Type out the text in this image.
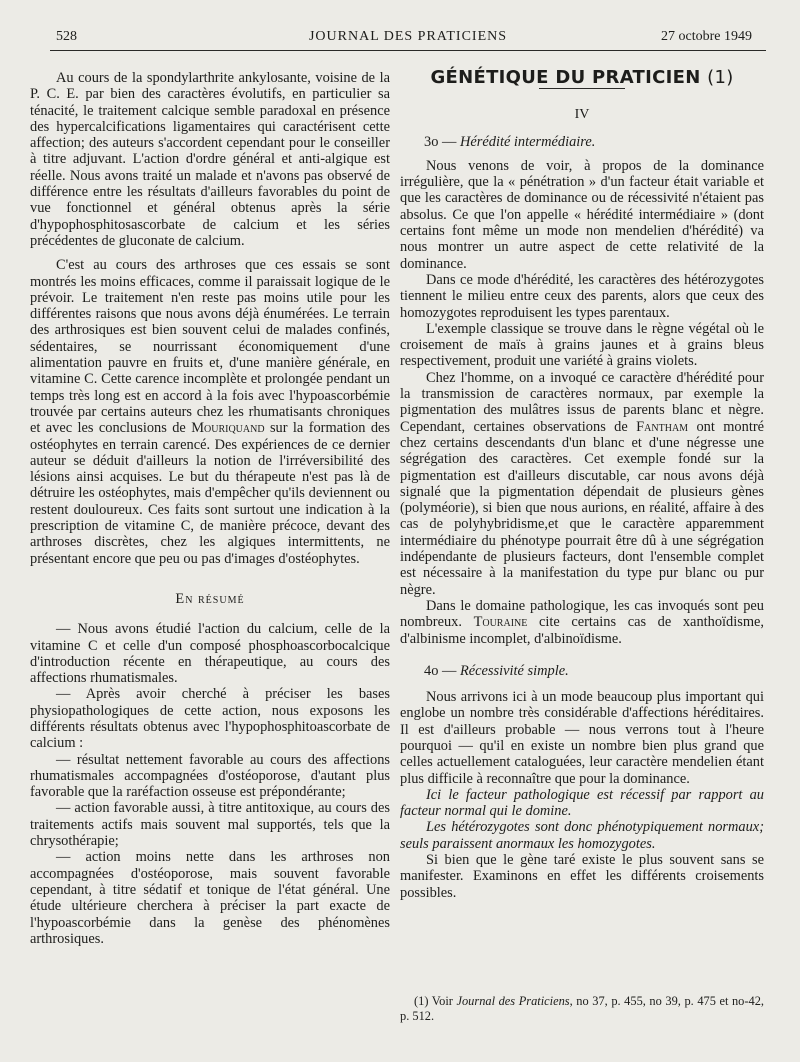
528	JOURNAL DES PRATICIENS	27 octobre 1949

Au cours de la spondylarthrite ankylosante, voisine de la P. C. E. par bien des caractères évolutifs, en particulier sa ténacité, le traitement calcique semble paradoxal en présence des hypercalcifications ligamentaires qui caractérisent cette affection; des auteurs s'accordent cependant pour le conseiller à titre adjuvant. L'action d'ordre général et anti-algique est réelle. Nous avons traité un malade et n'avons pas observé de différence entre les résultats d'ailleurs favorables du point de vue fonctionnel et général obtenus après la série d'hypophosphitosascorbate de calcium et les séries précédentes de gluconate de calcium.

C'est au cours des arthroses que ces essais se sont montrés les moins efficaces, comme il paraissait logique de le prévoir. Le traitement n'en reste pas moins utile pour les différentes raisons que nous avons déjà énumérées. Le terrain des arthrosiques est bien souvent celui de malades confinés, sédentaires, se nourrissant économiquement d'une alimentation pauvre en fruits et, d'une manière générale, en vitamine C. Cette carence incomplète et prolongée pendant un temps très long est en accord à la fois avec l'hypoascorbémie trouvée par certains auteurs chez les rhumatisants chroniques et avec les conclusions de Mouriquand sur la formation des ostéophytes en terrain carencé. Des expériences de ce dernier auteur se déduit d'ailleurs la notion de l'irréversibilité des lésions ainsi acquises. Le but du thérapeute n'est pas là de détruire les ostéophytes, mais d'empêcher qu'ils deviennent ou restent douloureux. Ces faits sont surtout une indication à la prescription de vitamine C, de manière précoce, devant des arthroses discrètes, chez les algiques intermittents, ne présentant encore que peu ou pas d'images d'ostéophytes.

En résumé

— Nous avons étudié l'action du calcium, celle de la vitamine C et celle d'un composé phosphoascorbocalcique d'introduction récente en thérapeutique, au cours des affections rhumatismales.

— Après avoir cherché à préciser les bases physiopathologiques de cette action, nous exposons les différents résultats obtenus avec l'hypophosphitoascorbate de calcium :

— résultat nettement favorable au cours des affections rhumatismales accompagnées d'ostéoporose, d'autant plus favorable que la raréfaction osseuse est prépondérante;

— action favorable aussi, à titre antitoxique, au cours des traitements actifs mais souvent mal supportés, tels que la chrysothérapie;

— action moins nette dans les arthroses non accompagnées d'ostéoporose, mais souvent favorable cependant, à titre sédatif et tonique de l'état général. Une étude ultérieure cherchera à préciser la part exacte de l'hypoascorbémie dans la genèse des phénomènes arthrosiques.

GÉNÉTIQUE DU PRATICIEN (1)

IV

3o — Hérédité intermédiaire.

Nous venons de voir, à propos de la dominance irrégulière, que la « pénétration » d'un facteur était variable et que les caractères de dominance ou de récessivité n'étaient pas absolus. Ce que l'on appelle « hérédité intermédiaire » (dont certains font même un mode non mendelien d'hérédité) va nous montrer un autre aspect de cette relativité de la dominance.

Dans ce mode d'hérédité, les caractères des hétérozygotes tiennent le milieu entre ceux des parents, alors que ceux des homozygotes reproduisent les types parentaux.

L'exemple classique se trouve dans le règne végétal où le croisement de maïs à grains jaunes et à grains bleus respectivement, produit une variété à grains violets.

Chez l'homme, on a invoqué ce caractère d'hérédité pour la transmission de caractères normaux, par exemple la pigmentation des mulâtres issus de parents blanc et nègre. Cependant, certaines observations de Fantham ont montré chez certains descendants d'un blanc et d'une négresse une ségrégation des caractères. Cet exemple fondé sur la pigmentation est d'ailleurs discutable, car nous avons déjà signalé que la pigmentation dépendait de plusieurs gènes (polyméorie), si bien que nous aurions, en réalité, affaire à des cas de polyhybridisme,et que le caractère apparemment intermédiaire du phénotype pourrait être dû à une ségrégation indépendante de plusieurs facteurs, dont l'ensemble complet est nécessaire à la manifestation du type pur blanc ou pur nègre.

Dans le domaine pathologique, les cas invoqués sont peu nombreux. Touraine cite certains cas de xanthoïdisme, d'albinisme incomplet, d'albinoïdisme.

4o — Récessivité simple.

Nous arrivons ici à un mode beaucoup plus important qui englobe un nombre très considérable d'affections héréditaires. Il est d'ailleurs probable — nous verrons tout à l'heure pourquoi — qu'il en existe un nombre bien plus grand que celles actuellement cataloguées, leur caractère mendelien étant plus difficile à reconnaître que pour la dominance.

Ici le facteur pathologique est récessif par rapport au facteur normal qui le domine.

Les hétérozygotes sont donc phénotypiquement normaux; seuls paraissent anormaux les homozygotes.

Si bien que le gène taré existe le plus souvent sans se manifester. Examinons en effet les différents croisements possibles.

(1) Voir Journal des Praticiens, no 37, p. 455, no 39, p. 475 et no-42, p. 512.
